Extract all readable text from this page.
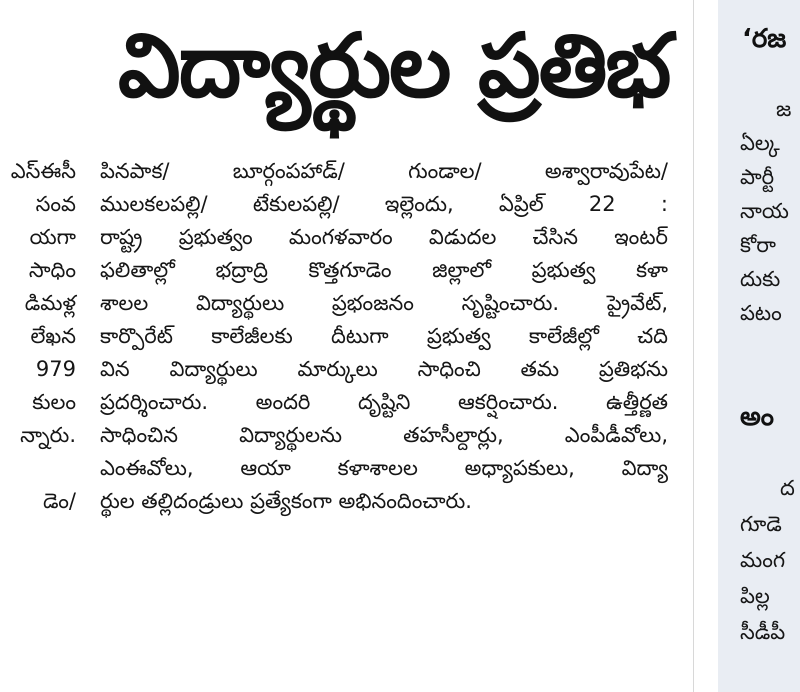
విద్యార్థుల ప్రతిభ
ఎస్‌ఈసీ
సంవ
యగా
సాధిం
డిమళ్ల
లేఖన
979
కులం
న్నారు.
డెం/
పినపాక/ బూర్గంపహాడ్/ గుండాల/ అశ్వారావుపేట/
ములకలపల్లి/ టేకులపల్లి/ ఇల్లెందు, ఏప్రిల్ 22 :
రాష్ట్ర ప్రభుత్వం మంగళవారం విడుదల చేసిన ఇంటర్
ఫలితాల్లో భద్రాద్రి కొత్తగూడెం జిల్లాలో ప్రభుత్వ కళా
శాలల విద్యార్థులు ప్రభంజనం సృష్టించారు. ప్రైవేట్,
కార్పొరేట్ కాలేజీలకు దీటుగా ప్రభుత్వ కాలేజీల్లో చది
విన విద్యార్థులు మార్కులు సాధించి తమ ప్రతిభను
ప్రదర్శించారు. అందరి దృష్టిని ఆకర్షించారు. ఉత్తీర్ణత
సాధించిన విద్యార్థులను తహసీల్దార్లు, ఎంపీడీవోలు,
ఎంఈవోలు, ఆయా కళాశాలల అధ్యాపకులు, విద్యా
ర్థుల తల్లిదండ్రులు ప్రత్యేకంగా అభినందించారు.
‘రజ
జ
ఏల్క
పార్టీ
నాయ
కోరా
దుకు
పటం
అం
ద
గూడె
మంగ
పిల్ల
సీడీపీ
